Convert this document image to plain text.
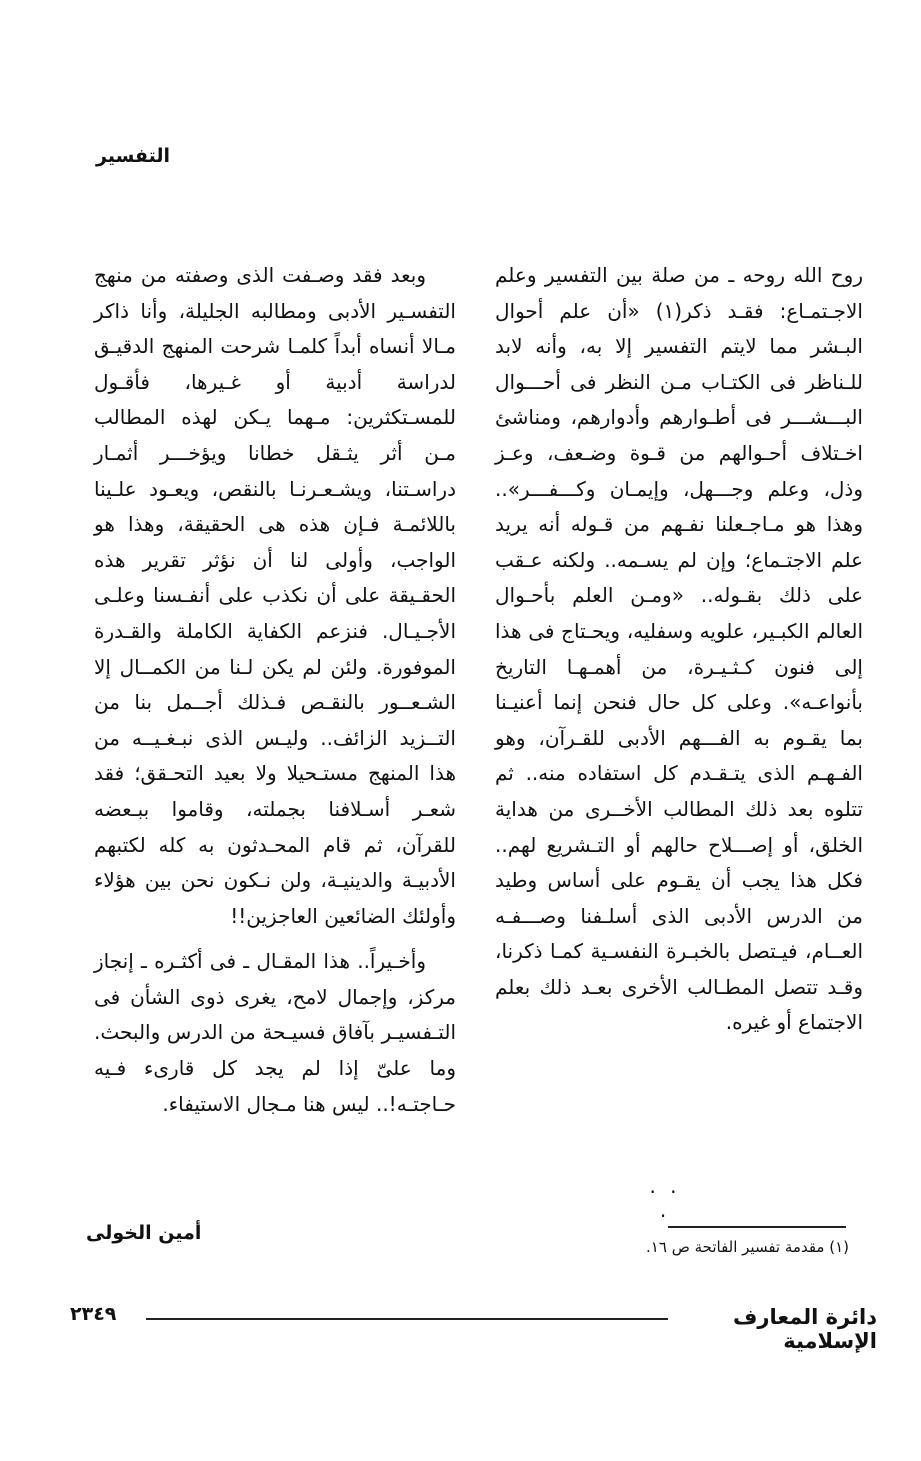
التفسير

روح الله روحه ـ من صلة بين التفسير وعلم الاجـتمـاع: فقـد ذكر(١) «أن علم أحوال البـشر مما لايتم التفسير إلا به، وأنه لابد للـناظر فى الكتـاب مـن النظر فى أحـــوال البـــشـــر فى أطـوارهم وأدوارهم، ومناشئ اخـتلاف أحـوالهم من قـوة وضـعف، وعـز وذل، وعلم وجـــهل، وإيمـان وكـــفـــر».. وهذا هو مـاجـعلنا نفـهم من قـوله أنه يريد علم الاجتـماع؛ وإن لم يسـمه.. ولكنه عـقب على ذلك بقـوله.. «ومـن العلم بأحـوال العالم الكبـير، علويه وسفليه، ويحـتاج فى هذا إلى فنون كـثـيـرة، من أهمـهـا التاريخ بأنواعـه». وعلى كل حال فنحن إنما أعنيـنا بما يقـوم به الفـــهم الأدبى للقـرآن، وهو الفـهـم الذى يتـقـدم كل استفاده منه.. ثم تتلوه بعد ذلك المطالب الأخــرى من هداية الخلق، أو إصـــلاح حالهم أو التـشريع لهم.. فكل هذا يجب أن يقـوم على أساس وطيد من الدرس الأدبى الذى أسلـفنا وصـــفـه العــام، فيـتصل بالخبـرة النفسـية كمـا ذكرنا، وقـد تتصل المطـالب الأخرى بعـد ذلك بعلم الاجتماع أو غيره.

وبعد فقد وصـفت الذى وصفته من منهج التفسـير الأدبى ومطالبه الجليلة، وأنا ذاكر مـالا أنساه أبداً كلمـا شرحت المنهج الدقيـق لدراسة أدبية أو غـيرها، فأقـول للمسـتكثرين: مـهما يـكن لهذه المطالب مـن أثر يثـقل خطانا ويؤخـــر أثمـار دراسـتنا، ويشـعـرنـا بالنقص، ويعـود علـينا باللائمـة فـإن هذه هى الحقيقة، وهذا هو الواجب، وأولى لنا أن نؤثر تقرير هذه الحقـيقة على أن نكذب على أنفـسنا وعلـى الأجـيـال. فنزعم الكفاية الكاملة والقـدرة الموفورة. ولئن لم يكن لـنا من الكمــال إلا الشـعــور بالنقـص فـذلك أجــمل بنا من التــزيد الزائف.. وليـس الذى نبـغـيــه من هذا المنهج مستـحيلا ولا بعيد التحـقق؛ فقد شعـر أسـلافنا بجملته، وقاموا ببـعضه للقرآن، ثم قام المحـدثون به كله لكتبهم الأدبيـة والدينيـة، ولن نـكون نحن بين هؤلاء وأولئك الضائعين العاجزين!!

وأخـيراً.. هذا المقـال ـ فى أكثـره ـ إنجاز مركز، وإجمال لامح، يغرى ذوى الشأن فى التـفسيـر بآفاق فسيـحة من الدرس والبحث. وما علىّ إذا لم يجد كل قارىء فـيه حـاجتـه!.. ليس هنا مـجال الاستيفاء.

. . .
(١) مقدمة تفسير الفاتحة ص ١٦.
أمين الخولى
دائرة المعارف الإسلامية
٢٣٤٩
